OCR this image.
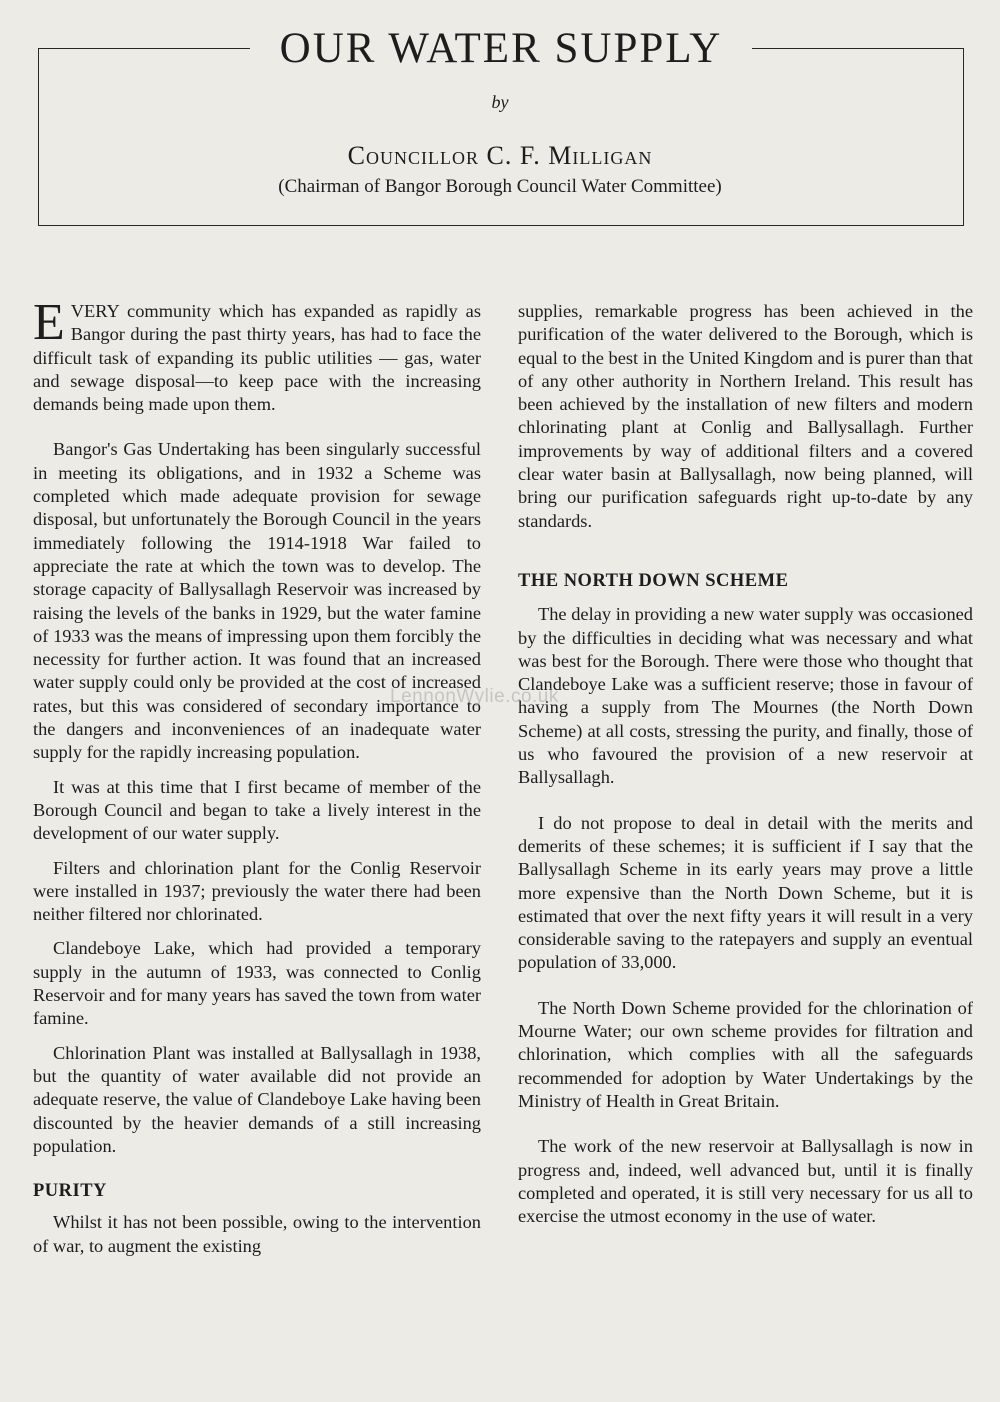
OUR WATER SUPPLY
by
Councillor C. F. Milligan
(Chairman of Bangor Borough Council Water Committee)

EVERY community which has expanded as rapidly as Bangor during the past thirty years, has had to face the difficult task of expanding its public utilities — gas, water and sewage disposal—to keep pace with the increasing demands being made upon them.

Bangor's Gas Undertaking has been singularly successful in meeting its obligations, and in 1932 a Scheme was completed which made adequate provision for sewage disposal, but unfortunately the Borough Council in the years immediately following the 1914-1918 War failed to appreciate the rate at which the town was to develop. The storage capacity of Ballysallagh Reservoir was increased by raising the levels of the banks in 1929, but the water famine of 1933 was the means of impressing upon them forcibly the necessity for further action. It was found that an increased water supply could only be provided at the cost of increased rates, but this was considered of secondary importance to the dangers and inconveniences of an inadequate water supply for the rapidly increasing population.

It was at this time that I first became of member of the Borough Council and began to take a lively interest in the development of our water supply.

Filters and chlorination plant for the Conlig Reservoir were installed in 1937; previously the water there had been neither filtered nor chlorinated.

Clandeboye Lake, which had provided a temporary supply in the autumn of 1933, was connected to Conlig Reservoir and for many years has saved the town from water famine.

Chlorination Plant was installed at Ballysallagh in 1938, but the quantity of water available did not provide an adequate reserve, the value of Clandeboye Lake having been discounted by the heavier demands of a still increasing population.

PURITY

Whilst it has not been possible, owing to the intervention of war, to augment the existing

supplies, remarkable progress has been achieved in the purification of the water delivered to the Borough, which is equal to the best in the United Kingdom and is purer than that of any other authority in Northern Ireland. This result has been achieved by the installation of new filters and modern chlorinating plant at Conlig and Ballysallagh. Further improvements by way of additional filters and a covered clear water basin at Ballysallagh, now being planned, will bring our purification safeguards right up-to-date by any standards.

THE NORTH DOWN SCHEME

The delay in providing a new water supply was occasioned by the difficulties in deciding what was necessary and what was best for the Borough. There were those who thought that Clandeboye Lake was a sufficient reserve; those in favour of having a supply from The Mournes (the North Down Scheme) at all costs, stressing the purity, and finally, those of us who favoured the provision of a new reservoir at Ballysallagh.

I do not propose to deal in detail with the merits and demerits of these schemes; it is sufficient if I say that the Ballysallagh Scheme in its early years may prove a little more expensive than the North Down Scheme, but it is estimated that over the next fifty years it will result in a very considerable saving to the ratepayers and supply an eventual population of 33,000.

The North Down Scheme provided for the chlorination of Mourne Water; our own scheme provides for filtration and chlorination, which complies with all the safeguards recommended for adoption by Water Undertakings by the Ministry of Health in Great Britain.

The work of the new reservoir at Ballysallagh is now in progress and, indeed, well advanced but, until it is finally completed and operated, it is still very necessary for us all to exercise the utmost economy in the use of water.

LennonWylie.co.uk
